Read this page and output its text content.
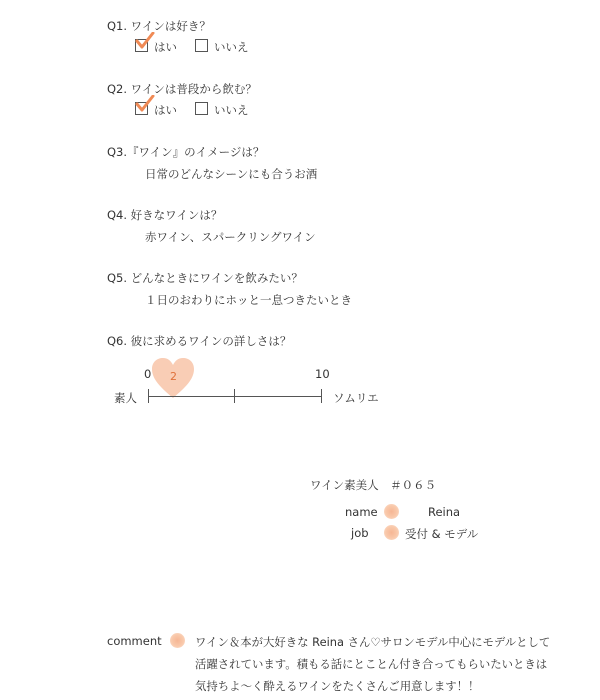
Q1. ワインは好き？
はい	いいえ
Q2. ワインは普段から飲む？
はい	いいえ
Q3.『ワイン』のイメージは？
日常のどんなシーンにも合うお酒
Q4. 好きなワインは？
赤ワイン、スパークリングワイン
Q5. どんなときにワインを飲みたい？
１日のおわりにホッと一息つきたいとき
Q6. 彼に求めるワインの詳しさは？
2
0	10
素人	ソムリエ
ワイン素美人　＃０６５
name	Reina
job	受付 & モデル
comment	ワイン＆本が大好きな Reina さん♡サロンモデル中心にモデルとして
活躍されています。積もる話にとことん付き合ってもらいたいときは
気持ちよ〜く酔えるワインをたくさんご用意します！！
